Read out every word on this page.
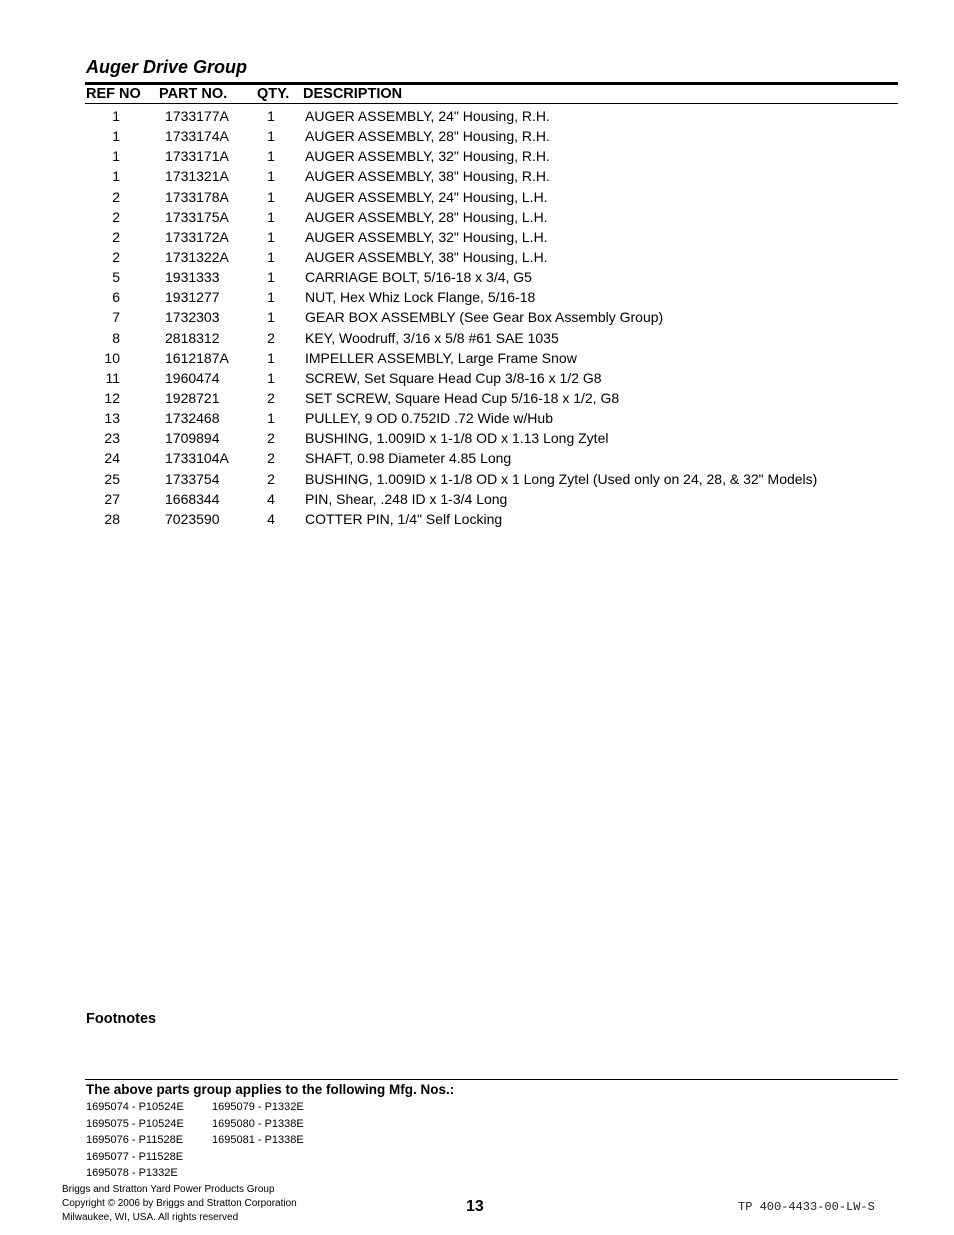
Auger Drive Group
REF NO PART NO. QTY. DESCRIPTION
1	1733177A	1 AUGER ASSEMBLY, 24" Housing, R.H.
1	1733174A	1 AUGER ASSEMBLY, 28" Housing, R.H.
1	1733171A	1 AUGER ASSEMBLY, 32" Housing, R.H.
1	1731321A	1 AUGER ASSEMBLY, 38" Housing, R.H.
2	1733178A	1 AUGER ASSEMBLY, 24" Housing, L.H.
2	1733175A	1 AUGER ASSEMBLY, 28" Housing, L.H.
2	1733172A	1 AUGER ASSEMBLY, 32" Housing, L.H.
2	1731322A	1 AUGER ASSEMBLY, 38" Housing, L.H.
5	1931333	1 CARRIAGE BOLT, 5/16-18 x 3/4, G5
6	1931277	1 NUT, Hex Whiz Lock Flange, 5/16-18
7	1732303	1 GEAR BOX ASSEMBLY (See Gear Box Assembly Group)
8	2818312	2 KEY, Woodruff, 3/16 x 5/8 #61 SAE 1035
10	1612187A	1 IMPELLER ASSEMBLY, Large Frame Snow
11	1960474	1 SCREW, Set Square Head Cup 3/8-16 x 1/2 G8
12	1928721	2 SET SCREW, Square Head Cup 5/16-18 x 1/2, G8
13	1732468	1 PULLEY, 9 OD 0.752ID .72 Wide w/Hub
23	1709894	2 BUSHING, 1.009ID x 1-1/8 OD x 1.13 Long Zytel
24	1733104A	2 SHAFT, 0.98 Diameter 4.85 Long
25	1733754	2 BUSHING, 1.009ID x 1-1/8 OD x 1 Long Zytel (Used only on 24, 28, & 32" Models)
27	1668344	4 PIN, Shear, .248 ID x 1-3/4 Long
28	7023590	4 COTTER PIN, 1/4" Self Locking
Footnotes
The above parts group applies to the following Mfg. Nos.:
1695074 - P10524E
1695075 - P10524E
1695076 - P11528E
1695077 - P11528E
1695078 - P1332E
1695079 - P1332E
1695080 - P1338E
1695081 - P1338E
Briggs and Stratton Yard Power Products Group
Copyright © 2006 by Briggs and Stratton Corporation
Milwaukee, WI, USA. All rights reserved
13	TP 400-4433-00-LW-S
